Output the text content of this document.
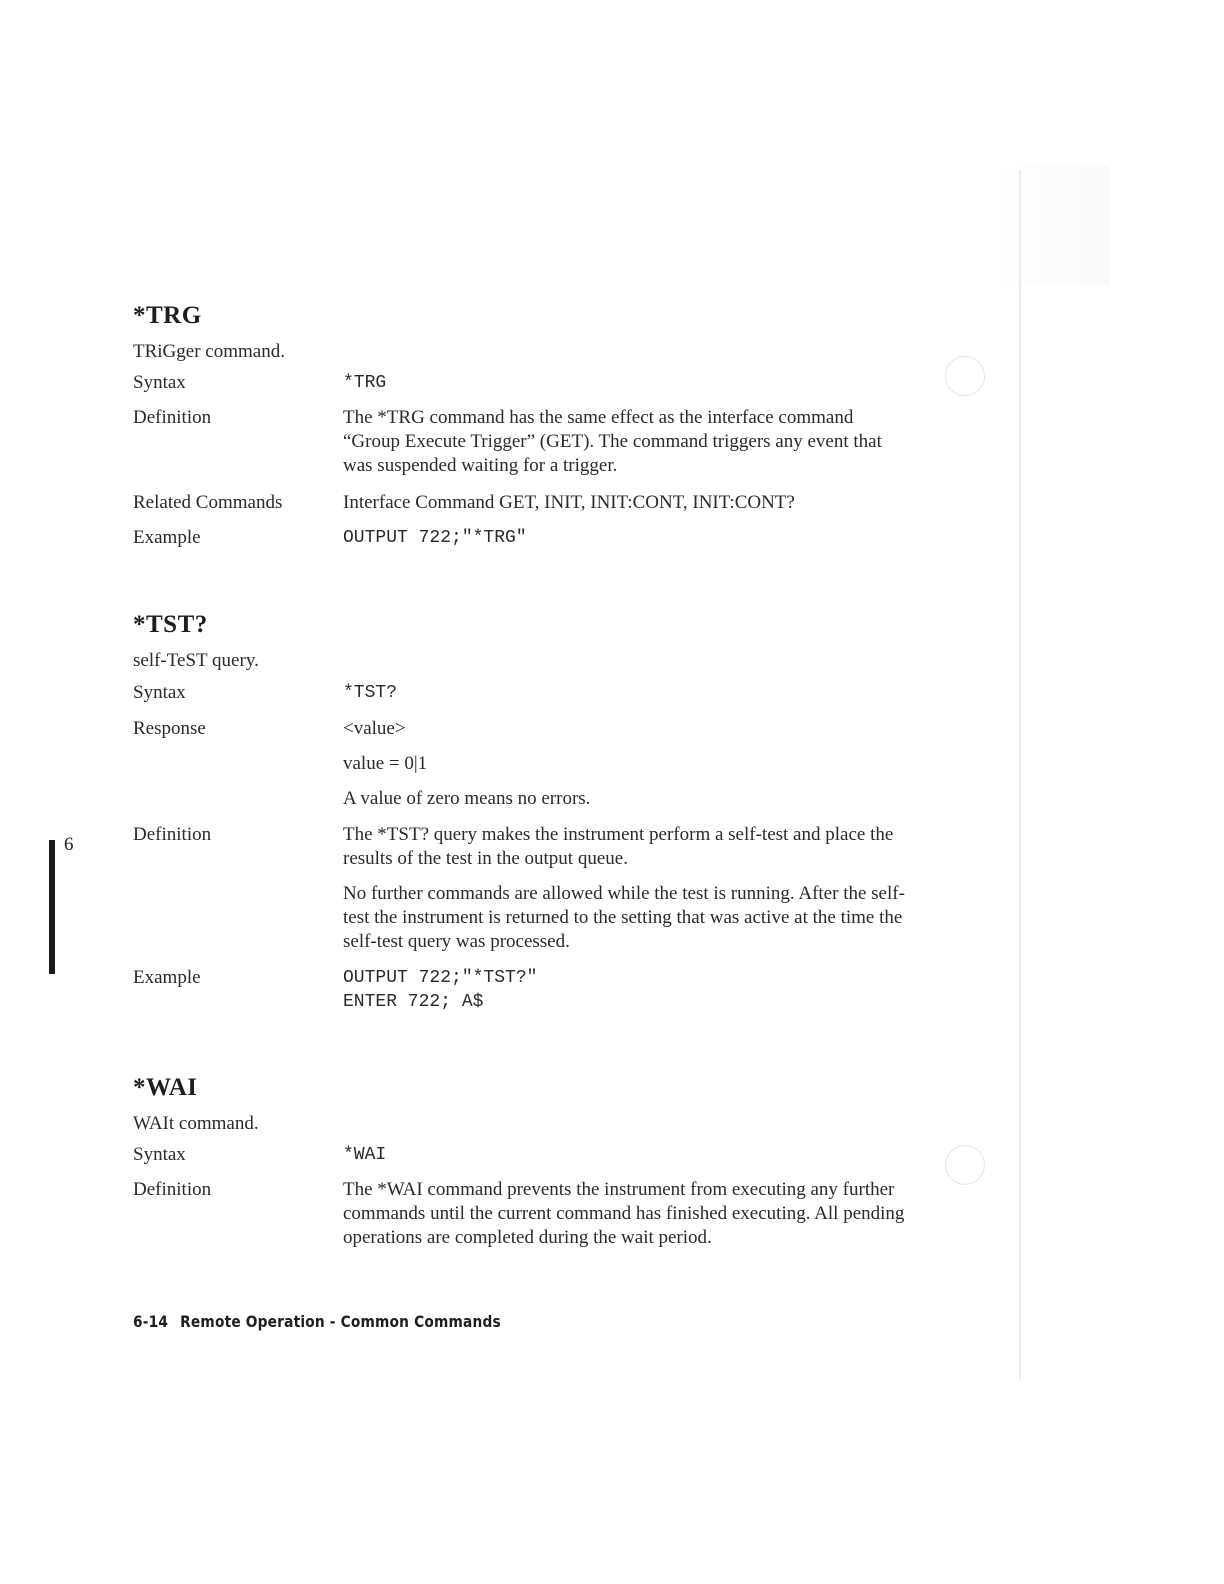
6
*TRG
TRiGger command.
Syntax	*TRG
Definition	The *TRG command has the same effect as the interface command “Group Execute Trigger” (GET). The command triggers any event that was suspended waiting for a trigger.
Related Commands	Interface Command GET, INIT, INIT:CONT, INIT:CONT?
Example	OUTPUT 722;"*TRG"
*TST?
self-TeST query.
Syntax	*TST?
Response	<value>
value = 0|1
A value of zero means no errors.
Definition	The *TST? query makes the instrument perform a self-test and place the results of the test in the output queue.
No further commands are allowed while the test is running. After the self-test the instrument is returned to the setting that was active at the time the self-test query was processed.
Example	OUTPUT 722;"*TST?"
ENTER 722; A$
*WAI
WAIt command.
Syntax	*WAI
Definition	The *WAI command prevents the instrument from executing any further commands until the current command has finished executing. All pending operations are completed during the wait period.
6-14 Remote Operation - Common Commands
